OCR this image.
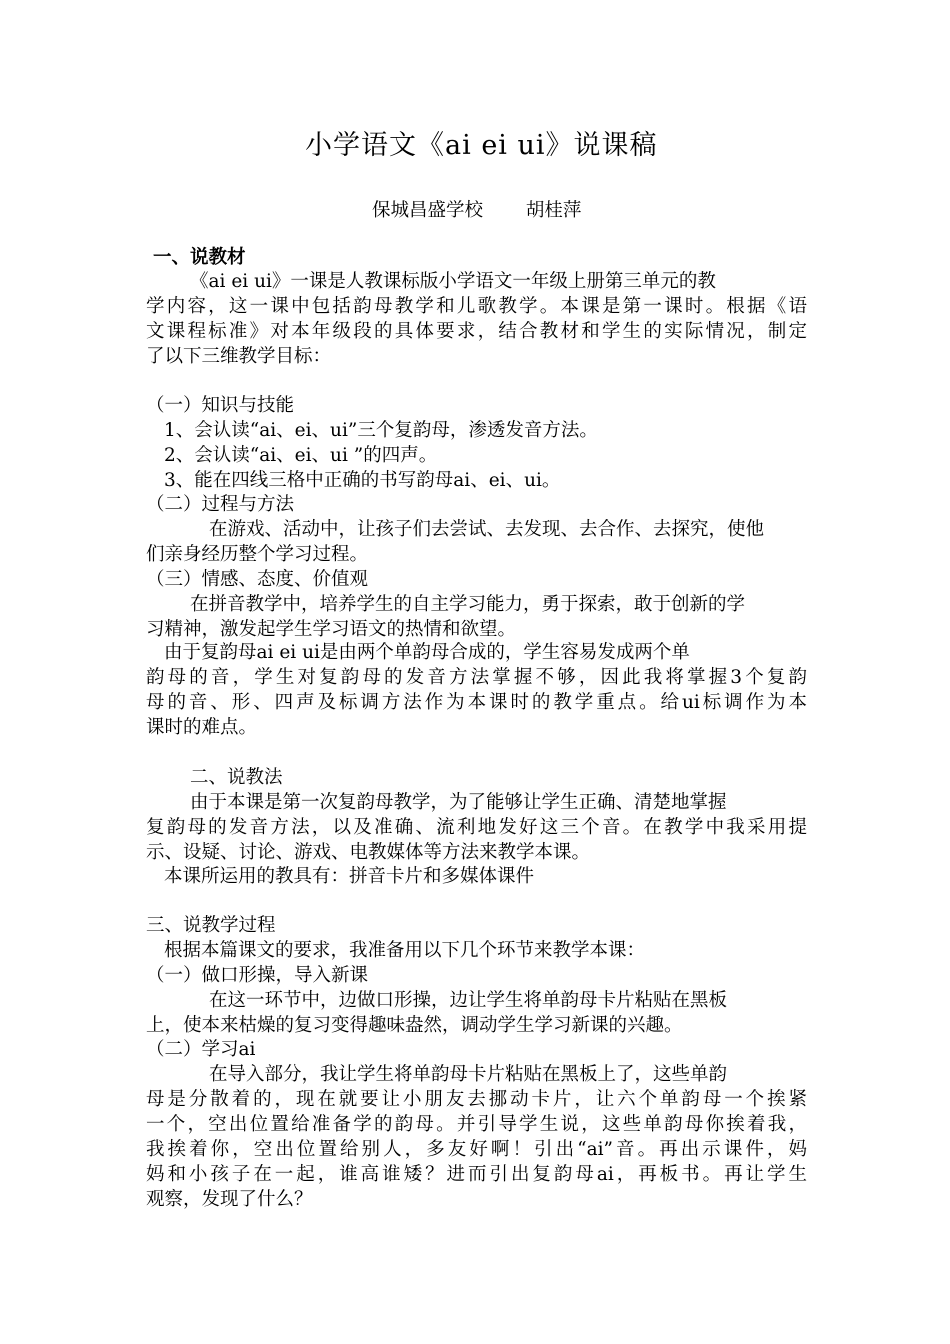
小学语文《ai ei ui》说课稿
保城昌盛学校　　 胡桂萍
一、说教材
《ai ei ui》一课是人教课标版小学语文一年级上册第三单元的教
学内容，这一课中包括韵母教学和儿歌教学。本课是第一课时。根据《语
文课程标准》对本年级段的具体要求，结合教材和学生的实际情况，制定
了以下三维教学目标：
（一）知识与技能
1、会认读“ai、ei、ui”三个复韵母，渗透发音方法。
2、会认读“ai、ei、ui ”的四声。
3、能在四线三格中正确的书写韵母ai、ei、ui。
（二）过程与方法
在游戏、活动中，让孩子们去尝试、去发现、去合作、去探究，使他
们亲身经历整个学习过程。
（三）情感、态度、价值观
在拼音教学中，培养学生的自主学习能力，勇于探索，敢于创新的学
习精神，激发起学生学习语文的热情和欲望。
由于复韵母ai ei ui是由两个单韵母合成的，学生容易发成两个单
韵母的音，学生对复韵母的发音方法掌握不够，因此我将掌握3个复韵
母的音、形、四声及标调方法作为本课时的教学重点。给ui标调作为本
课时的难点。
二、说教法
由于本课是第一次复韵母教学，为了能够让学生正确、清楚地掌握
复韵母的发音方法，以及准确、流利地发好这三个音。在教学中我采用提
示、设疑、讨论、游戏、电教媒体等方法来教学本课。
本课所运用的教具有：拼音卡片和多媒体课件
三、说教学过程
根据本篇课文的要求，我准备用以下几个环节来教学本课：
（一）做口形操，导入新课
在这一环节中，边做口形操，边让学生将单韵母卡片粘贴在黑板
上，使本来枯燥的复习变得趣味盎然，调动学生学习新课的兴趣。
（二）学习ai
在导入部分，我让学生将单韵母卡片粘贴在黑板上了，这些单韵
母是分散着的，现在就要让小朋友去挪动卡片，让六个单韵母一个挨紧
一个，空出位置给准备学的韵母。并引导学生说，这些单韵母你挨着我，
我挨着你，空出位置给别人，多友好啊！引出“ai”音。再出示课件，妈
妈和小孩子在一起，谁高谁矮？进而引出复韵母ai，再板书。再让学生
观察，发现了什么？
